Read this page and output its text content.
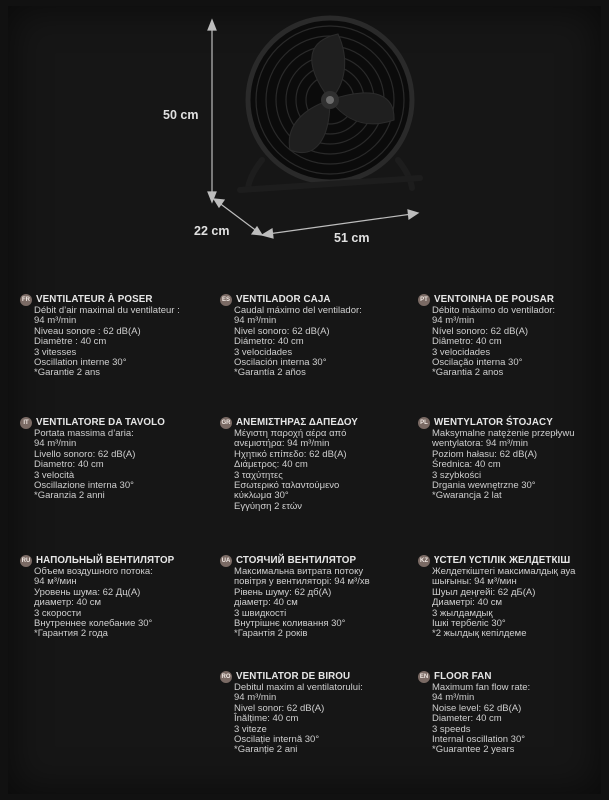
50 cm
22 cm	51 cm
FR VENTILATEUR À POSER
Débit d’air maximal du ventilateur :
94 m³/min
Niveau sonore : 62 dB(A)
Diamètre : 40 cm
3 vitesses
Oscillation interne 30°
*Garantie 2 ans
ES VENTILADOR CAJA
Caudal máximo del ventilador:
94 m³/min
Nivel sonoro: 62 dB(A)
Diámetro: 40 cm
3 velocidades
Oscilación interna 30°
*Garantía 2 años
PT VENTOINHA DE POUSAR
Débito máximo do ventilador:
94 m³/min
Nível sonoro: 62 dB(A)
Diâmetro: 40 cm
3 velocidades
Oscilação interna 30°
*Garantia 2 anos
IT VENTILATORE DA TAVOLO
Portata massima d’aria:
94 m³/min
Livello sonoro: 62 dB(A)
Diametro: 40 cm
3 velocità
Oscillazione interna 30°
*Garanzia 2 anni
GR ΑΝΕΜΙΣΤΗΡΑΣ ΔΑΠΕΔΟΥ
Μέγιστη παροχή αέρα από
ανεμιστήρα: 94 m³/min
Ηχητικό επίπεδο: 62 dB(A)
Διάμετρος: 40 cm
3 ταχύτητες
Εσωτερικό ταλαντούμενο
κύκλωμα 30°
Εγγύηση 2 ετών
PL WENTYLATOR ŚTOJACY
Maksymalne natężenie przepływu
wentylatora: 94 m³/min
Poziom hałasu: 62 dB(A)
Średnica: 40 cm
3 szybkości
Drgania wewnętrzne 30°
*Gwarancja 2 lat
RU НАПОЛЬНЫЙ ВЕНТИЛЯТОР
Объем воздушного потока:
94 м³/мин
Уровень шума: 62 Дц(А)
диаметр: 40 см
3 скорости
Внутреннее колебание 30°
*Гарантия 2 года
UA СТОЯЧИЙ ВЕНТИЛЯТОР
Максимальна витрата потоку
повітря у вентиляторі: 94 м³/хв
Рівень шуму: 62 дб(А)
діаметр: 40 см
3 швидкості
Внутрішнє коливання 30°
*Гарантія 2 років
KZ ҮСТЕЛ ҮСТІЛІК ЖЕЛДЕТКІШ
Желдеткіштегі максималдық ауа
шығыны: 94 м³/мин
Шуыл деңгейі: 62 дБ(А)
Диаметрі: 40 см
3 жылдамдық
Ішкі тербеліс 30°
*2 жылдық кепілдеме
RO VENTILATOR DE BIROU
Debitul maxim al ventilatorului:
94 m³/min
Nivel sonor: 62 dB(A)
Înălțime: 40 cm
3 viteze
Oscilație internă 30°
*Garanție 2 ani
EN FLOOR FAN
Maximum fan flow rate:
94 m³/min
Noise level: 62 dB(A)
Diameter: 40 cm
3 speeds
Internal oscillation 30°
*Guarantee 2 years
